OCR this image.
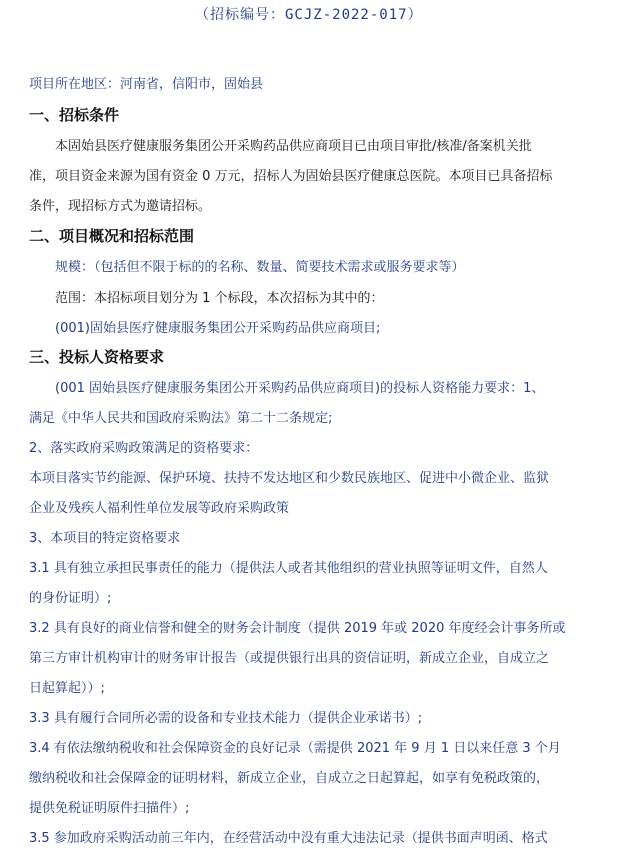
（招标编号：GCJZ-2022-017）
项目所在地区：河南省，信阳市，固始县
一、招标条件
本固始县医疗健康服务集团公开采购药品供应商项目已由项目审批/核准/备案机关批
准，项目资金来源为国有资金 0 万元，招标人为固始县医疗健康总医院。本项目已具备招标
条件，现招标方式为邀请招标。
二、项目概况和招标范围
规模：（包括但不限于标的的名称、数量、简要技术需求或服务要求等）
范围：本招标项目划分为 1 个标段，本次招标为其中的：
(001)固始县医疗健康服务集团公开采购药品供应商项目;
三、投标人资格要求
(001 固始县医疗健康服务集团公开采购药品供应商项目)的投标人资格能力要求：1、
满足《中华人民共和国政府采购法》第二十二条规定;
2、落实政府采购政策满足的资格要求：
本项目落实节约能源、保护环境、扶持不发达地区和少数民族地区、促进中小微企业、监狱
企业及残疾人福利性单位发展等政府采购政策
3、本项目的特定资格要求
3.1 具有独立承担民事责任的能力（提供法人或者其他组织的营业执照等证明文件，自然人
的身份证明）;
3.2 具有良好的商业信誉和健全的财务会计制度（提供 2019 年或 2020 年度经会计事务所或
第三方审计机构审计的财务审计报告（或提供银行出具的资信证明，新成立企业，自成立之
日起算起））;
3.3 具有履行合同所必需的设备和专业技术能力（提供企业承诺书）;
3.4 有依法缴纳税收和社会保障资金的良好记录（需提供 2021 年 9 月 1 日以来任意 3 个月
缴纳税收和社会保障金的证明材料，新成立企业，自成立之日起算起，如享有免税政策的，
提供免税证明原件扫描件）;
3.5 参加政府采购活动前三年内，在经营活动中没有重大违法记录（提供书面声明函、格式
